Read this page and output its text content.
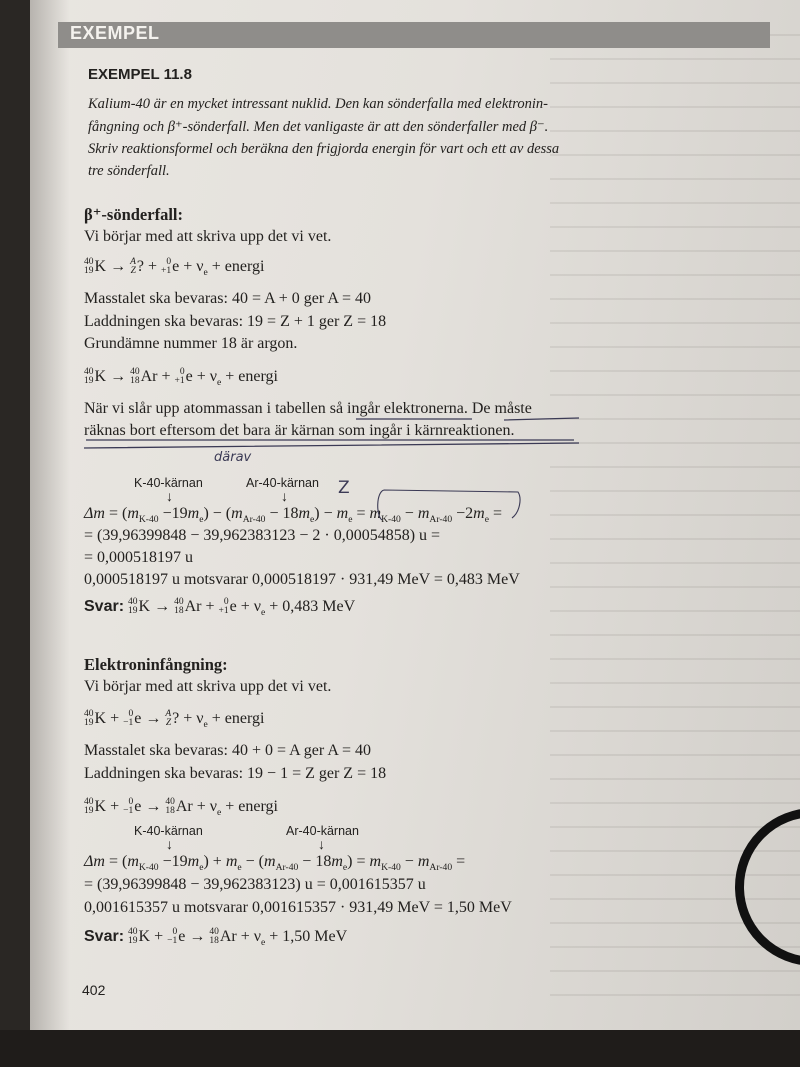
EXEMPEL
EXEMPEL 11.8
Kalium-40 är en mycket intressant nuklid. Den kan sönderfalla med elektronin-
fångning och β⁺-sönderfall. Men det vanligaste är att den sönderfaller med β⁻.
Skriv reaktionsformel och beräkna den frigjorda energin för vart och ett av dessa
tre sönderfall.
β⁺-sönderfall:
Vi börjar med att skriva upp det vi vet.
40
19 K → A
Z ? + 0
+1 $e + \nu_e$ + energi
Masstalet ska bevaras: 40 = A + 0 ger A = 40
Laddningen ska bevaras: 19 = Z + 1 ger Z = 18
Grundämne nummer 18 är argon.
40
19 K → 40
18 Ar + 0
+1 $e + \nu_e$ + energi
När vi slår upp atommassan i tabellen så ingår elektronerna. De måste
räknas bort eftersom det bara är kärnan som ingår i kärnreaktionen.
därav
K-40-kärnan	Ar-40-kärnan
↓	↓	Z
$\Delta m = (m_{K-40} -19m_e) - (m_{Ar-40} - 18m_e) - m_e = m_{K-40} - m_{Ar-40} -2m_e$ =
= (39,96399848 − 39,962383123 − 2 · 0,00054858) u =
= 0,000518197 u
0,000518197 u motsvarar 0,000518197 · 931,49 MeV = 0,483 MeV
Svar: 40
19 K → 40
18 Ar + 0
+1 $e + \nu_e + 0,483$ MeV
Elektroninfångning:
Vi börjar med att skriva upp det vi vet.
40
19 K + 0
−1 e → A
Z ? + $\nu_e$ + energi
Masstalet ska bevaras: 40 + 0 = A ger A = 40
Laddningen ska bevaras: 19 − 1 = Z ger Z = 18
40
19 K + 0
−1 e → 40
18 $Ar + \nu_e$ + energi
K-40-kärnan	Ar-40-kärnan
↓	↓
$\Delta m = (m_{K-40} -19m_e) + m_e - (m_{Ar-40} - 18m_e) = m_{K-40} - m_{Ar-40}$ =
= (39,96399848 − 39,962383123) u = 0,001615357 u
0,001615357 u motsvarar 0,001615357 · 931,49 MeV = 1,50 MeV
Svar: 40
19 K + 0
−1 e → 40
18 $Ar + \nu_e + 1,50$ MeV
402
